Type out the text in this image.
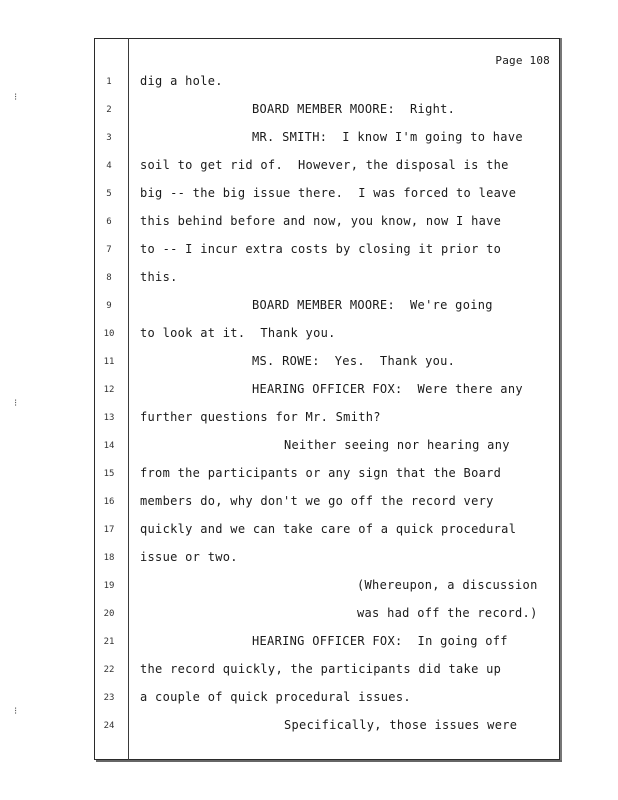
Page 108
⁝
⁝
⁝
1	dig a hole.
2	BOARD MEMBER MOORE:  Right.
3	MR. SMITH:  I know I'm going to have
4	soil to get rid of.  However, the disposal is the
5	big -- the big issue there.  I was forced to leave
6	this behind before and now, you know, now I have
7	to -- I incur extra costs by closing it prior to
8	this.
9	BOARD MEMBER MOORE:  We're going
10	to look at it.  Thank you.
11	MS. ROWE:  Yes.  Thank you.
12	HEARING OFFICER FOX:  Were there any
13	further questions for Mr. Smith?
14	Neither seeing nor hearing any
15	from the participants or any sign that the Board
16	members do, why don't we go off the record very
17	quickly and we can take care of a quick procedural
18	issue or two.
19	(Whereupon, a discussion
20	was had off the record.)
21	HEARING OFFICER FOX:  In going off
22	the record quickly, the participants did take up
23	a couple of quick procedural issues.
24	Specifically, those issues were
